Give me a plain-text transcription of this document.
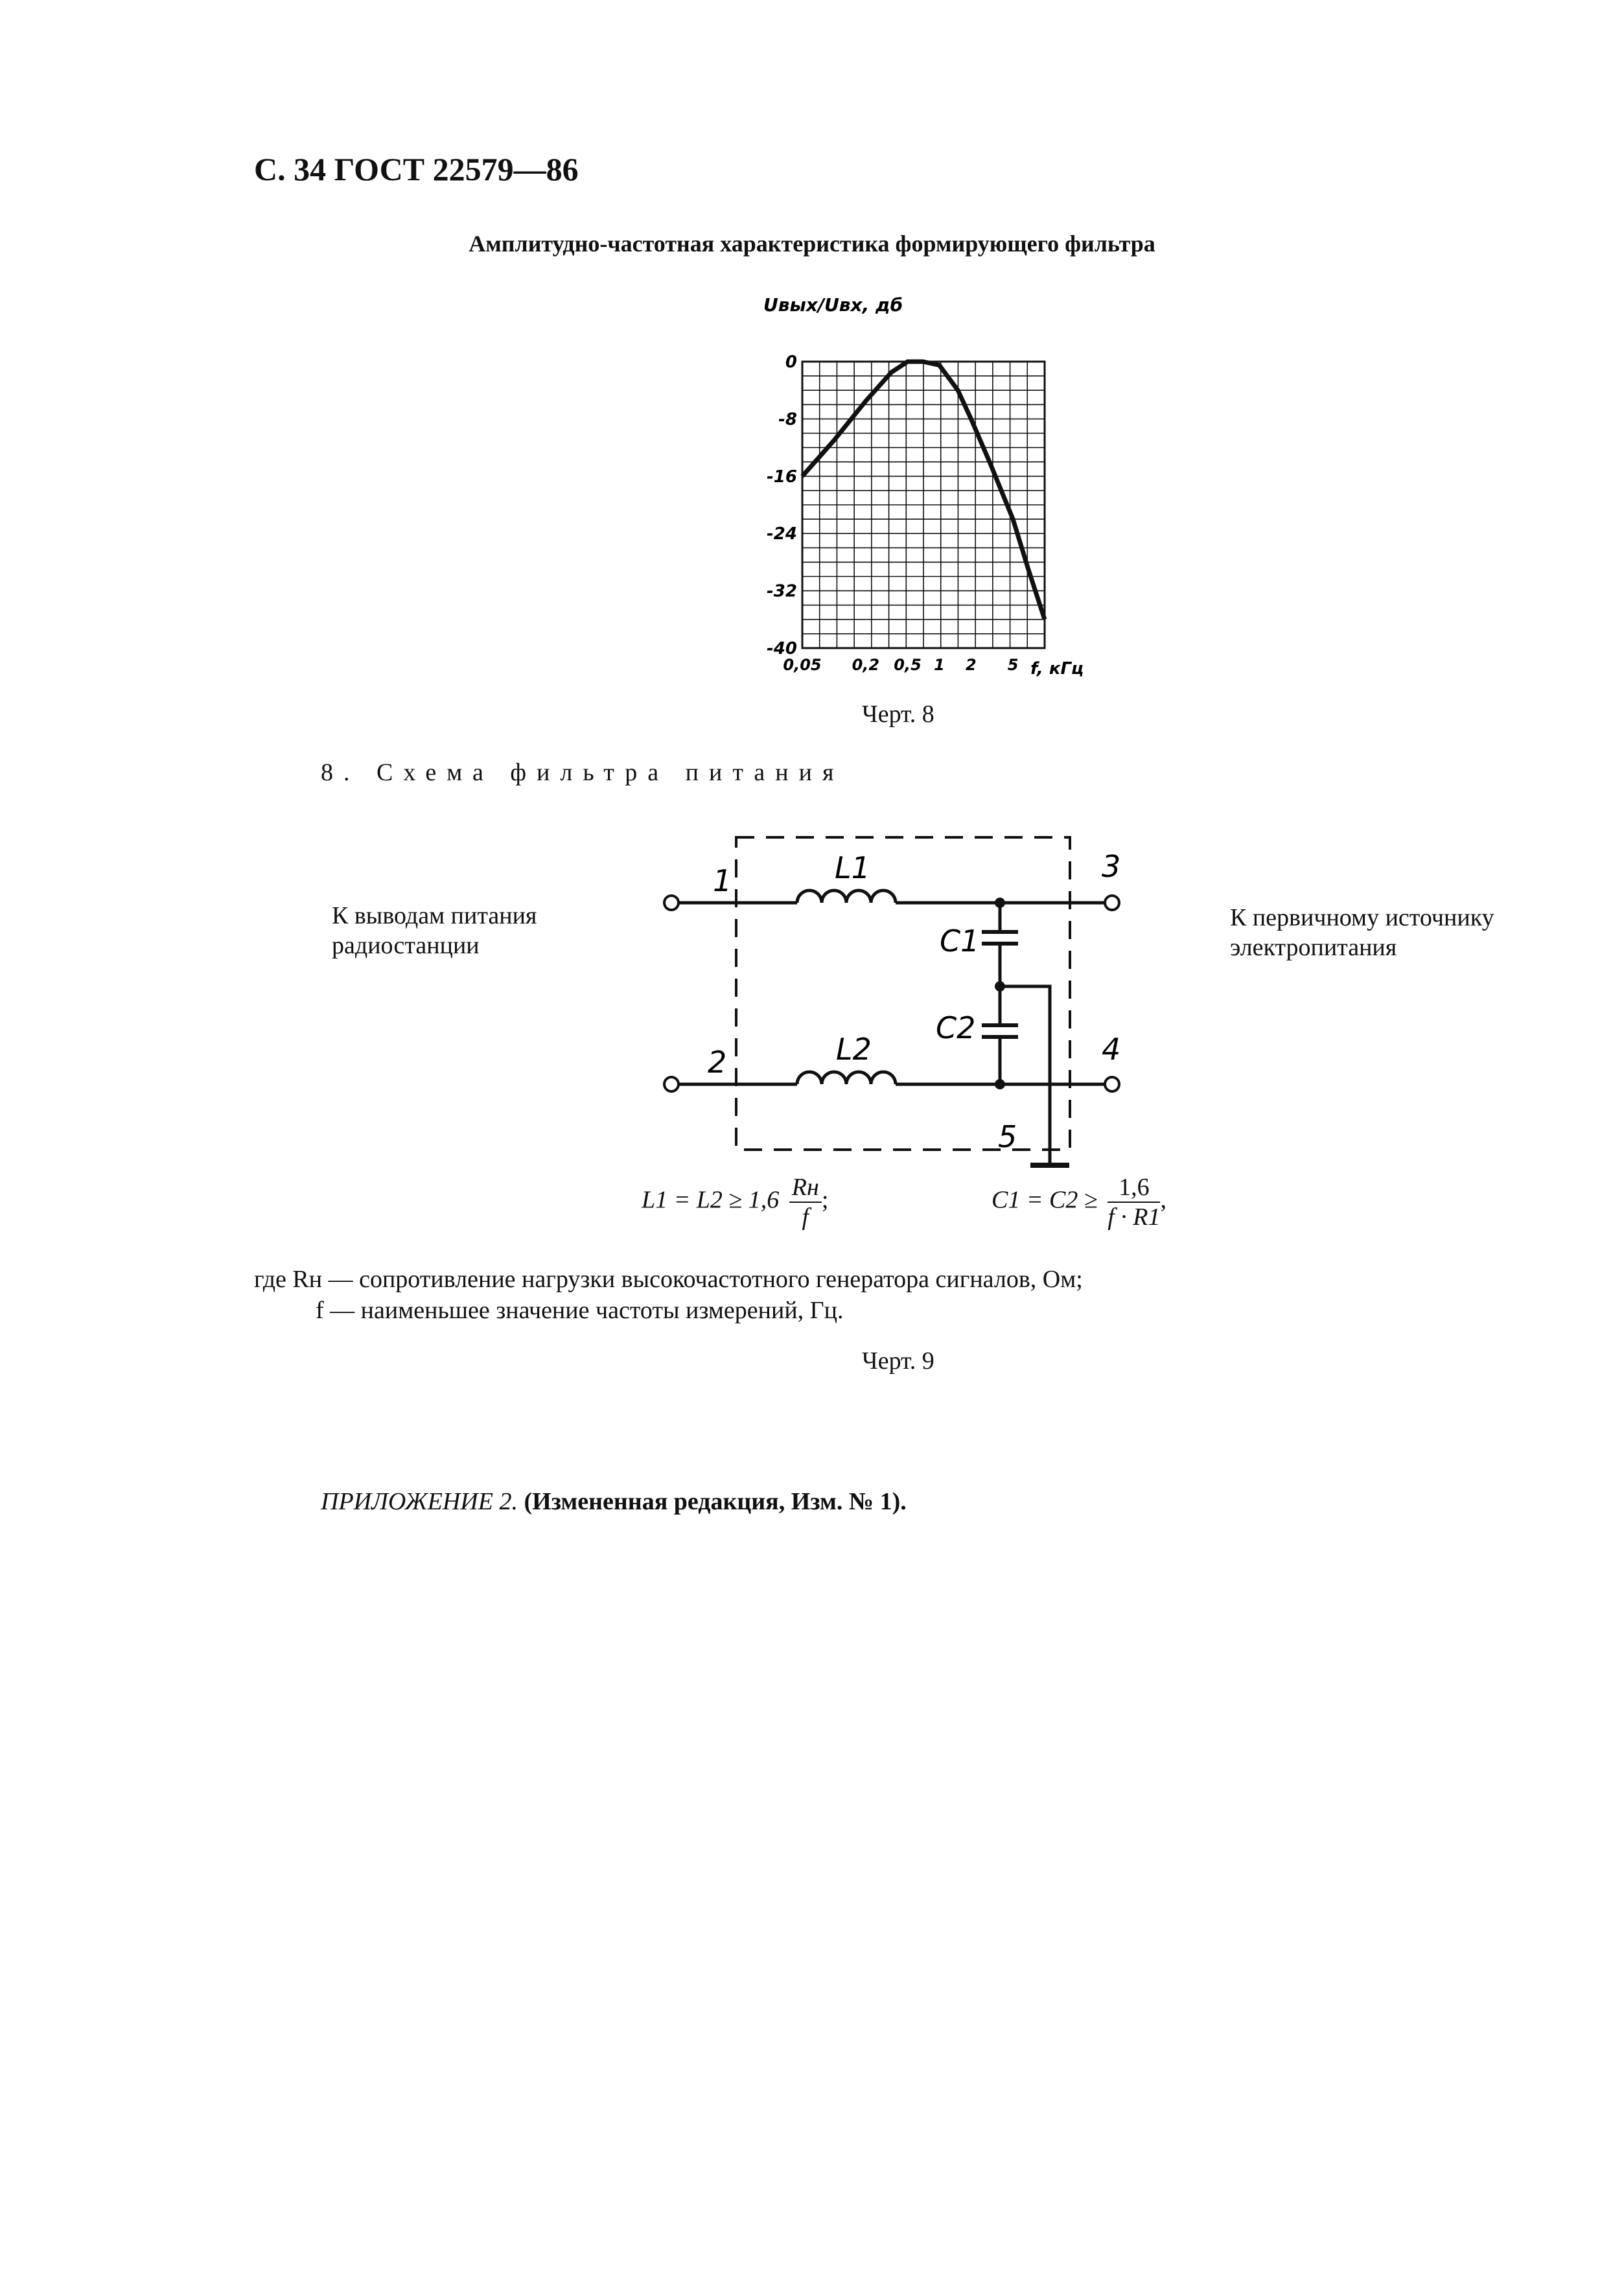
С. 34 ГОСТ 22579—86
Амплитудно-частотная характеристика формирующего фильтра
0
-8
-16
-24
-32
-40
0,05 0,2 0,5 1 2 5
Uвых/Uвх, дб
f, кГц
Черт. 8
8. Схема фильтра питания
К выводам питания
радиостанции
К первичному источнику
электропитания
1
2
3
4
5
L1
L2
C1
C2
L1 = L2 ≥ 1,6 Rн
f
;	$C1 = C2 \ge \frac{1,6}{f \cdot R1}$ ,
где Rн — сопротивление нагрузки высокочастотного генератора сигналов, Ом;
f — наименьшее значение частоты измерений, Гц.
Черт. 9
ПРИЛОЖЕНИЕ 2. (Измененная редакция, Изм. № 1).
